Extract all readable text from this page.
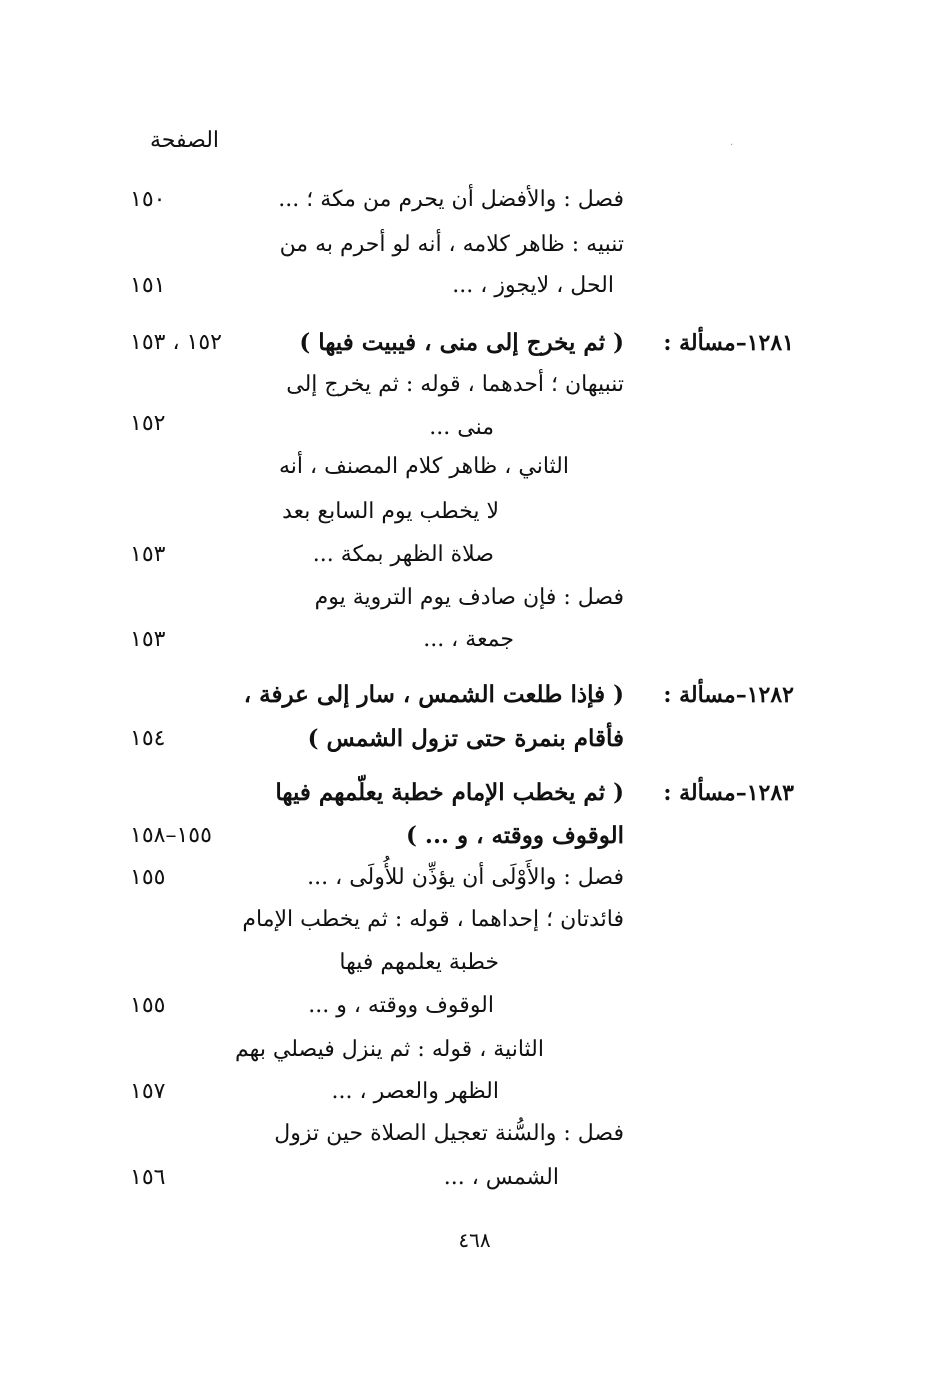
الصفحة	·
فصل : والأفضل أن يحرم من مكة ؛ ...
١٥٠
تنبيه : ظاهر كلامه ، أنه لو أحرم به من
الحل ، لايجوز ، ...
١٥١
١٢٨١–مسألة :
( ثم يخرج إلى منى ، فيبيت فيها )
١٥٢ ، ١٥٣
تنبيهان ؛ أحدهما ، قوله : ثم يخرج إلى
منى ...
١٥٢
الثاني ، ظاهر كلام المصنف ، أنه
لا يخطب يوم السابع بعد
صلاة الظهر بمكة ...
١٥٣
فصل : فإن صادف يوم التروية يوم
جمعة ، ...
١٥٣
١٢٨٢–مسألة :
( فإذا طلعت الشمس ، سار إلى عرفة ،
فأقام بنمرة حتى تزول الشمس )
١٥٤
١٢٨٣–مسألة :
( ثم يخطب الإمام خطبة يعلّمهم فيها
الوقوف ووقته ، و ... )
١٥٥–١٥٨
فصل : والأَوْلَى أن يؤذِّن للأُولَى ، ...
١٥٥
فائدتان ؛ إحداهما ، قوله : ثم يخطب الإمام
خطبة يعلمهم فيها
الوقوف ووقته ، و ...
١٥٥
الثانية ، قوله : ثم ينزل فيصلي بهم
الظهر والعصر ، ...
١٥٧
فصل : والسُّنة تعجيل الصلاة حين تزول
الشمس ، ...
١٥٦
٤٦٨
